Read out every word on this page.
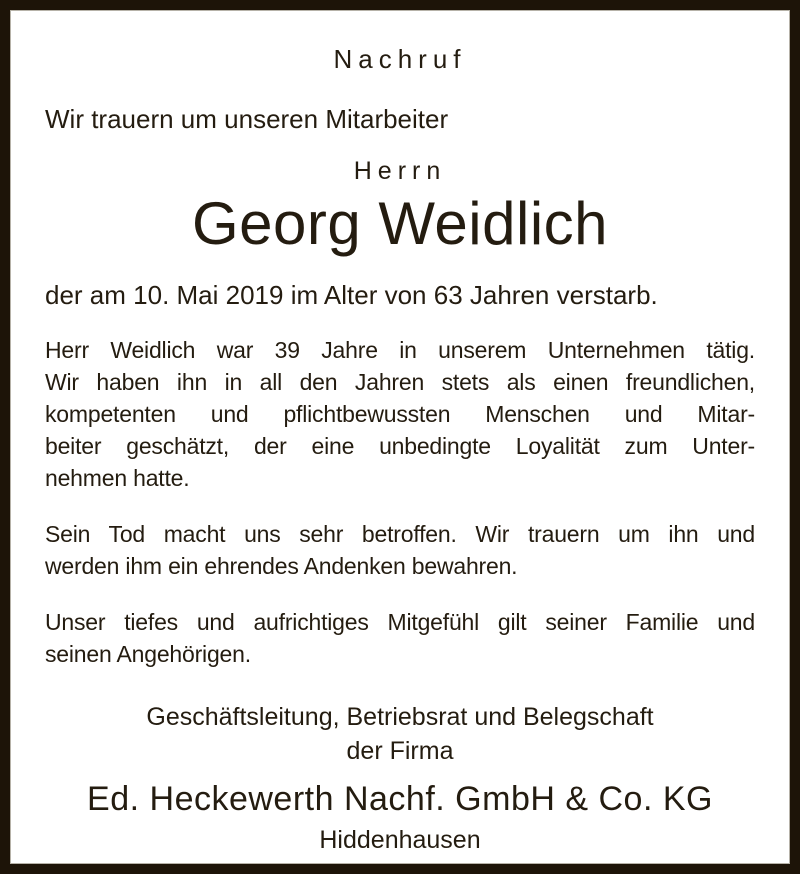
Nachruf
Wir trauern um unseren Mitarbeiter
Herrn
Georg Weidlich
der am 10. Mai 2019 im Alter von 63 Jahren verstarb.
Herr Weidlich war 39 Jahre in unserem Unternehmen tätig.
Wir haben ihn in all den Jahren stets als einen freundlichen,
kompetenten und pflichtbewussten Menschen und Mitar-
beiter geschätzt, der eine unbedingte Loyalität zum Unter-
nehmen hatte.
Sein Tod macht uns sehr betroffen. Wir trauern um ihn und
werden ihm ein ehrendes Andenken bewahren.
Unser tiefes und aufrichtiges Mitgefühl gilt seiner Familie und
seinen Angehörigen.
Geschäftsleitung, Betriebsrat und Belegschaft
der Firma
Ed. Heckewerth Nachf. GmbH & Co. KG
Hiddenhausen
